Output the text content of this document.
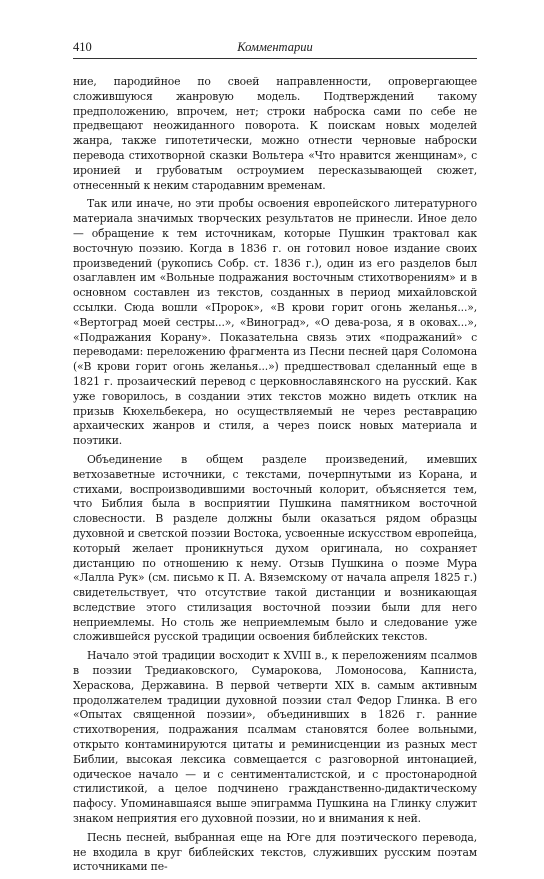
410	Комментарии

ние, пародийное по своей направленности, опровергающее сложившуюся жанровую модель. Подтверждений такому предположению, впрочем, нет; строки наброска сами по себе не предвещают неожиданного поворота. К поискам новых моделей жанра, также гипотетически, можно отнести черновые наброски перевода стихотворной сказки Вольтера «Что нравится женщинам», с иронией и грубоватым остроумием пересказывающей сюжет, отнесенный к неким стародавним временам.

Так или иначе, но эти пробы освоения европейского литературного материала значимых творческих результатов не принесли. Иное дело — обращение к тем источникам, которые Пушкин трактовал как восточную поэзию. Когда в 1836 г. он готовил новое издание своих произведений (рукопись Собр. ст. 1836 г.), один из его разделов был озаглавлен им «Вольные подражания восточным стихотворениям» и в основном составлен из текстов, созданных в период михайловской ссылки. Сюда вошли «Пророк», «В крови горит огонь желанья...», «Вертоград моей сестры...», «Виноград», «О дева-роза, я в оковах...», «Подражания Корану». Показательна связь этих «подражаний» с переводами: переложению фрагмента из Песни песней царя Соломона («В крови горит огонь желанья...») предшествовал сделанный еще в 1821 г. прозаический перевод с церковнославянского на русский. Как уже говорилось, в создании этих текстов можно видеть отклик на призыв Кюхельбекера, но осуществляемый не через реставрацию архаических жанров и стиля, а через поиск новых материала и поэтики.

Объединение в общем разделе произведений, имевших ветхозаветные источники, с текстами, почерпнутыми из Корана, и стихами, воспроизводившими восточный колорит, объясняется тем, что Библия была в восприятии Пушкина памятником восточной словесности. В разделе должны были оказаться рядом образцы духовной и светской поэзии Востока, усвоенные искусством европейца, который желает проникнуться духом оригинала, но сохраняет дистанцию по отношению к нему. Отзыв Пушкина о поэме Мура «Лалла Рук» (см. письмо к П. А. Вяземскому от начала апреля 1825 г.) свидетельствует, что отсутствие такой дистанции и возникающая вследствие этого стилизация восточной поэзии были для него неприемлемы. Но столь же неприемлемым было и следование уже сложившейся русской традиции освоения библейских текстов.

Начало этой традиции восходит к XVIII в., к переложениям псалмов в поэзии Тредиаковского, Сумарокова, Ломоносова, Капниста, Хераскова, Державина. В первой четверти XIX в. самым активным продолжателем традиции духовной поэзии стал Федор Глинка. В его «Опытах священной поэзии», объединивших в 1826 г. ранние стихотворения, подражания псалмам становятся более вольными, открыто контаминируются цитаты и реминисценции из разных мест Библии, высокая лексика совмещается с разговорной интонацией, одическое начало — и с сентименталистской, и с простонародной стилистикой, а целое подчинено гражданственно-дидактическому пафосу. Упоминавшаяся выше эпиграмма Пушкина на Глинку служит знаком неприятия его духовной поэзии, но и внимания к ней.

Песнь песней, выбранная еще на Юге для поэтического перевода, не входила в круг библейских текстов, служивших русским поэтам источниками пе-
